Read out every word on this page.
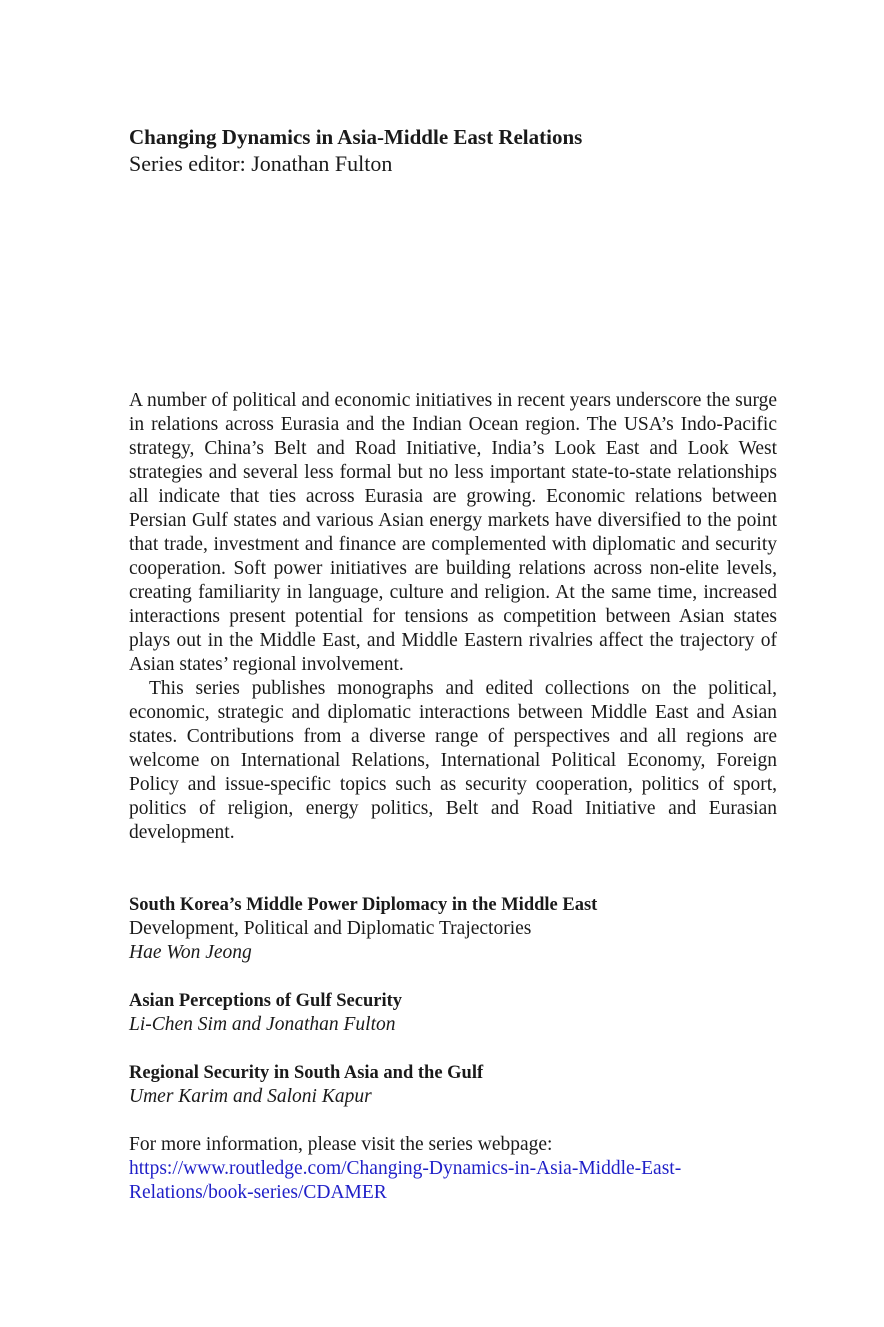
Changing Dynamics in Asia-Middle East Relations
Series editor: Jonathan Fulton

A number of political and economic initiatives in recent years underscore the surge in relations across Eurasia and the Indian Ocean region. The USA’s Indo-Pacific strategy, China’s Belt and Road Initiative, India’s Look East and Look West strategies and several less formal but no less important state-to-state relationships all indicate that ties across Eurasia are growing. Economic relations between Persian Gulf states and various Asian energy markets have diversified to the point that trade, investment and finance are complemented with diplomatic and security cooperation. Soft power initiatives are building relations across non-elite levels, creating familiarity in language, culture and religion. At the same time, increased interactions present potential for tensions as competition between Asian states plays out in the Middle East, and Middle Eastern rivalries affect the trajectory of Asian states’ regional involvement.

This series publishes monographs and edited collections on the political, economic, strategic and diplomatic interactions between Middle East and Asian states. Contributions from a diverse range of perspectives and all regions are welcome on International Relations, International Political Economy, Foreign Policy and issue-specific topics such as security cooperation, politics of sport, politics of religion, energy politics, Belt and Road Initiative and Eurasian development.

South Korea’s Middle Power Diplomacy in the Middle East
Development, Political and Diplomatic Trajectories
Hae Won Jeong
Asian Perceptions of Gulf Security
Li-Chen Sim and Jonathan Fulton
Regional Security in South Asia and the Gulf
Umer Karim and Saloni Kapur
For more information, please visit the series webpage:
https://www.routledge.com/Changing-Dynamics-in-Asia-Middle-East-
Relations/book-series/CDAMER
